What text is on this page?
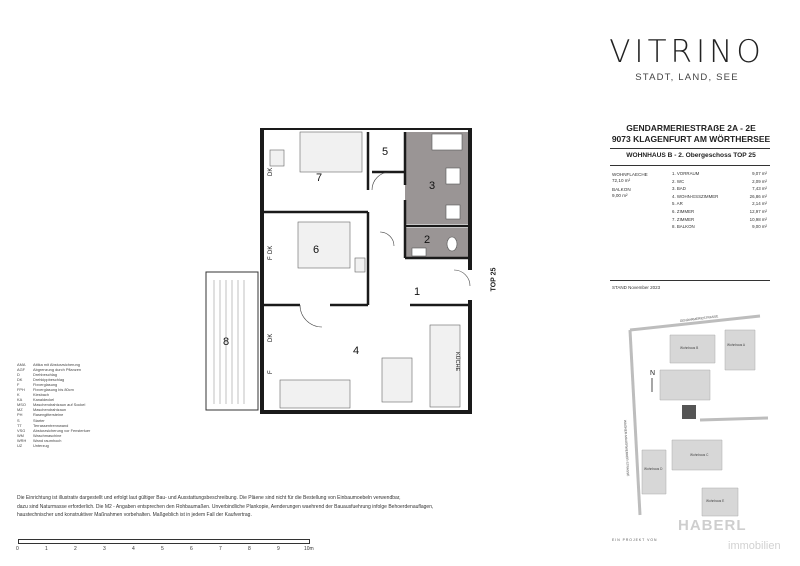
VITRINO
STADT, LAND, SEE
GENDARMERIESTRAẞE 2A - 2E
9073 KLAGENFURT AM WÖRTHERSEE
WOHNHAUS B - 2. Obergeschoss TOP 25
WOHNFLAECHE
72,10 m²
BALKON
9,00 m²
1. VORRAUM	9,07 m²
2. WC	2,09 m²
3. BAD	7,43 m²
4. WOHN-ESSZIMMER	26,86 m²
5. AR	2,14 m²
6. ZIMMER	12,97 m²
7. ZIMMER	10,98 m²
8. BALKON	9,00 m²
STAND November 2023
1
2
3
4
5
6
7
8
KÜCHE
DK
DK
DK
F
F
TOP 25
AMA Attika mit Absturzsicherung
AGF Abgrenzung durch Pflanzen
D	Drehbeschlag
DK	Drehkippbeschlag
F	Fixverglasung
FPH Fixverglasung bis 80cm
K	Kiesbach
KA	Kanaldeckel
MSO Maschendrahtzaun auf Sockel
MZ	Maschendrahtzaun
PH	Rasengittersteine
S	Starter
TT	Terrassentrennwand
VSG Absturzsicherung vor Fensterluer
WM Waschmaschine
WRH Wand raumhoch
UZ	Unterzug
Die Einrichtung ist illustrativ dargestellt und erfolgt laut gültiger Bau- und Ausstattungsbeschreibung. Die Pläene sind nicht für die Bestellung von Einbaumoebeln verwendbar,
dazu sind Naturmasse erforderlich. Die M2 - Angaben entsprechen den Rohbaumaßen. Unverbindliche Plankopie, Aenderungen waehrend der Bauausfuehrung infolge Behoerdenauflagen,
haustechnischer und konstruktiver Maßnahmen vorbehalten. Maßgeblich ist in jedem Fall der Kaufvertrag.
0	1	2	3	4	5	6	7	8	9	10m
GENDARMERIESTRASSE
WAGNER-MAUERWERKER STRASSE
Wohnhaus A
Wohnhaus B
Wohnhaus C
Wohnhaus D
Wohnhaus E
N
EIN PROJEKT VON
HABERL
immobilien
